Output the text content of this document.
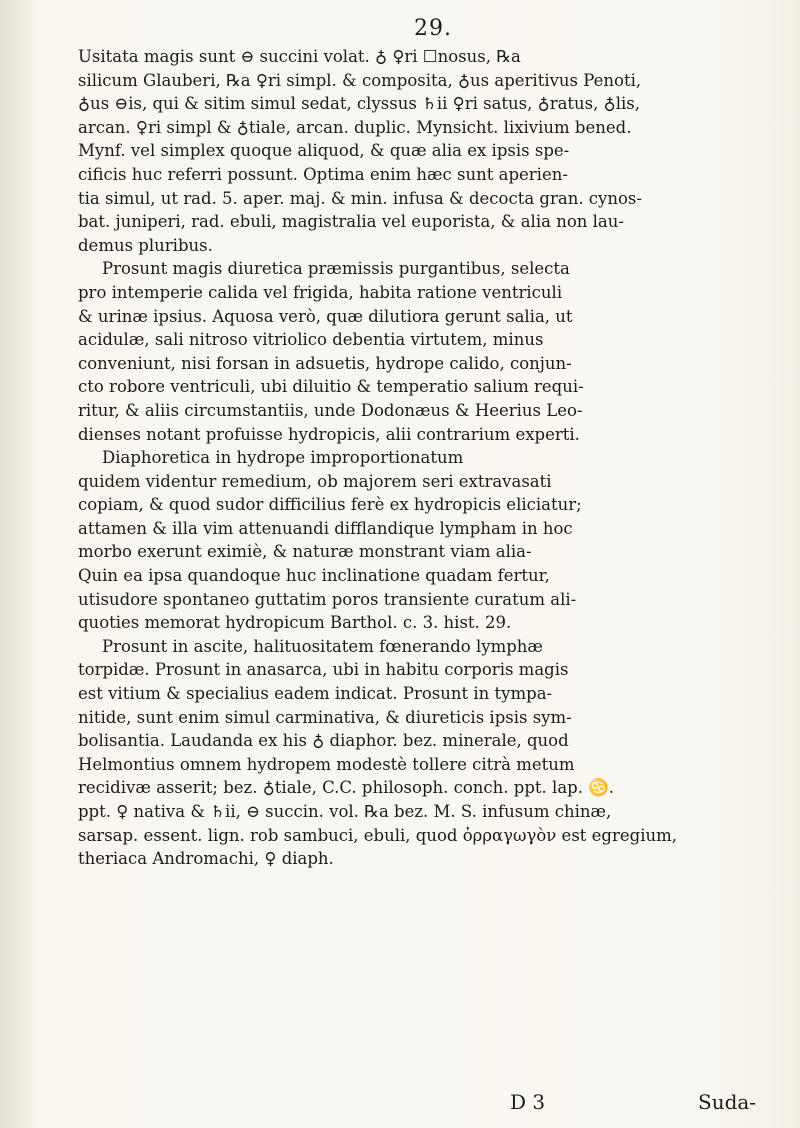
29.
Usitata magis sunt ⊖ succini volat. ♁ ♀ri ☐nosus, ℞a
silicum Glauberi, ℞a ♀ri simpl. & composita, ♁us aperitivus Penoti,
♁us ⊖is, qui & sitim simul sedat, clyssus ♄ii ♀ri satus, ♁ratus, ♁lis,
arcan. ♀ri simpl & ♁tiale, arcan. duplic. Mynsicht. lixivium bened.
Mynf. vel simplex quoque aliquod, & quæ alia ex ipsis spe-
cificis huc referri possunt. Optima enim hæc sunt aperien-
tia simul, ut rad. 5. aper. maj. & min. infusa & decocta gran. cynos-
bat. juniperi, rad. ebuli, magistralia vel euporista, & alia non lau-
demus pluribus.
Prosunt magis diuretica præmissis purgantibus, selecta
pro intemperie calida vel frigida, habita ratione ventriculi
& urinæ ipsius. Aquosa verò, quæ dilutiora gerunt salia, ut
acidulæ, sali nitroso vitriolico debentia virtutem, minus
conveniunt, nisi forsan in adsuetis, hydrope calido, conjun-
cto robore ventriculi, ubi diluitio & temperatio salium requi-
ritur, & aliis circumstantiis, unde Dodonæus & Heerius Leo-
dienses notant profuisse hydropicis, alii contrarium experti.
Diaphoretica in hydrope improportionatum
quidem videntur remedium, ob majorem seri extravasati
copiam, & quod sudor difficilius ferè ex hydropicis eliciatur;
attamen & illa vim attenuandi difflandique lympham in hoc
morbo exerunt eximiè, & naturæ monstrant viam alia-
Quin ea ipsa quandoque huc inclinatione quadam fertur,
utisudore spontaneo guttatim poros transiente curatum ali-
quoties memorat hydropicum Barthol. c. 3. hist. 29.
Prosunt in ascite, halituositatem fœnerando lymphæ
torpidæ. Prosunt in anasarca, ubi in habitu corporis magis
est vitium & specialius eadem indicat. Prosunt in tympa-
nitide, sunt enim simul carminativa, & diureticis ipsis sym-
bolisantia. Laudanda ex his ♁ diaphor. bez. minerale, quod
Helmontius omnem hydropem modestè tollere citrà metum
recidivæ asserit; bez. ♁tiale, C.C. philosoph. conch. ppt. lap. ♋.
ppt. ♀ nativa & ♄ii, ⊖ succin. vol. ℞a bez. M. S. infusum chinæ,
sarsap. essent. lign. rob sambuci, ebuli, quod ὀρραγωγὸν est egregium,
theriaca Andromachi, ♀ diaph.
D 3	Suda-
